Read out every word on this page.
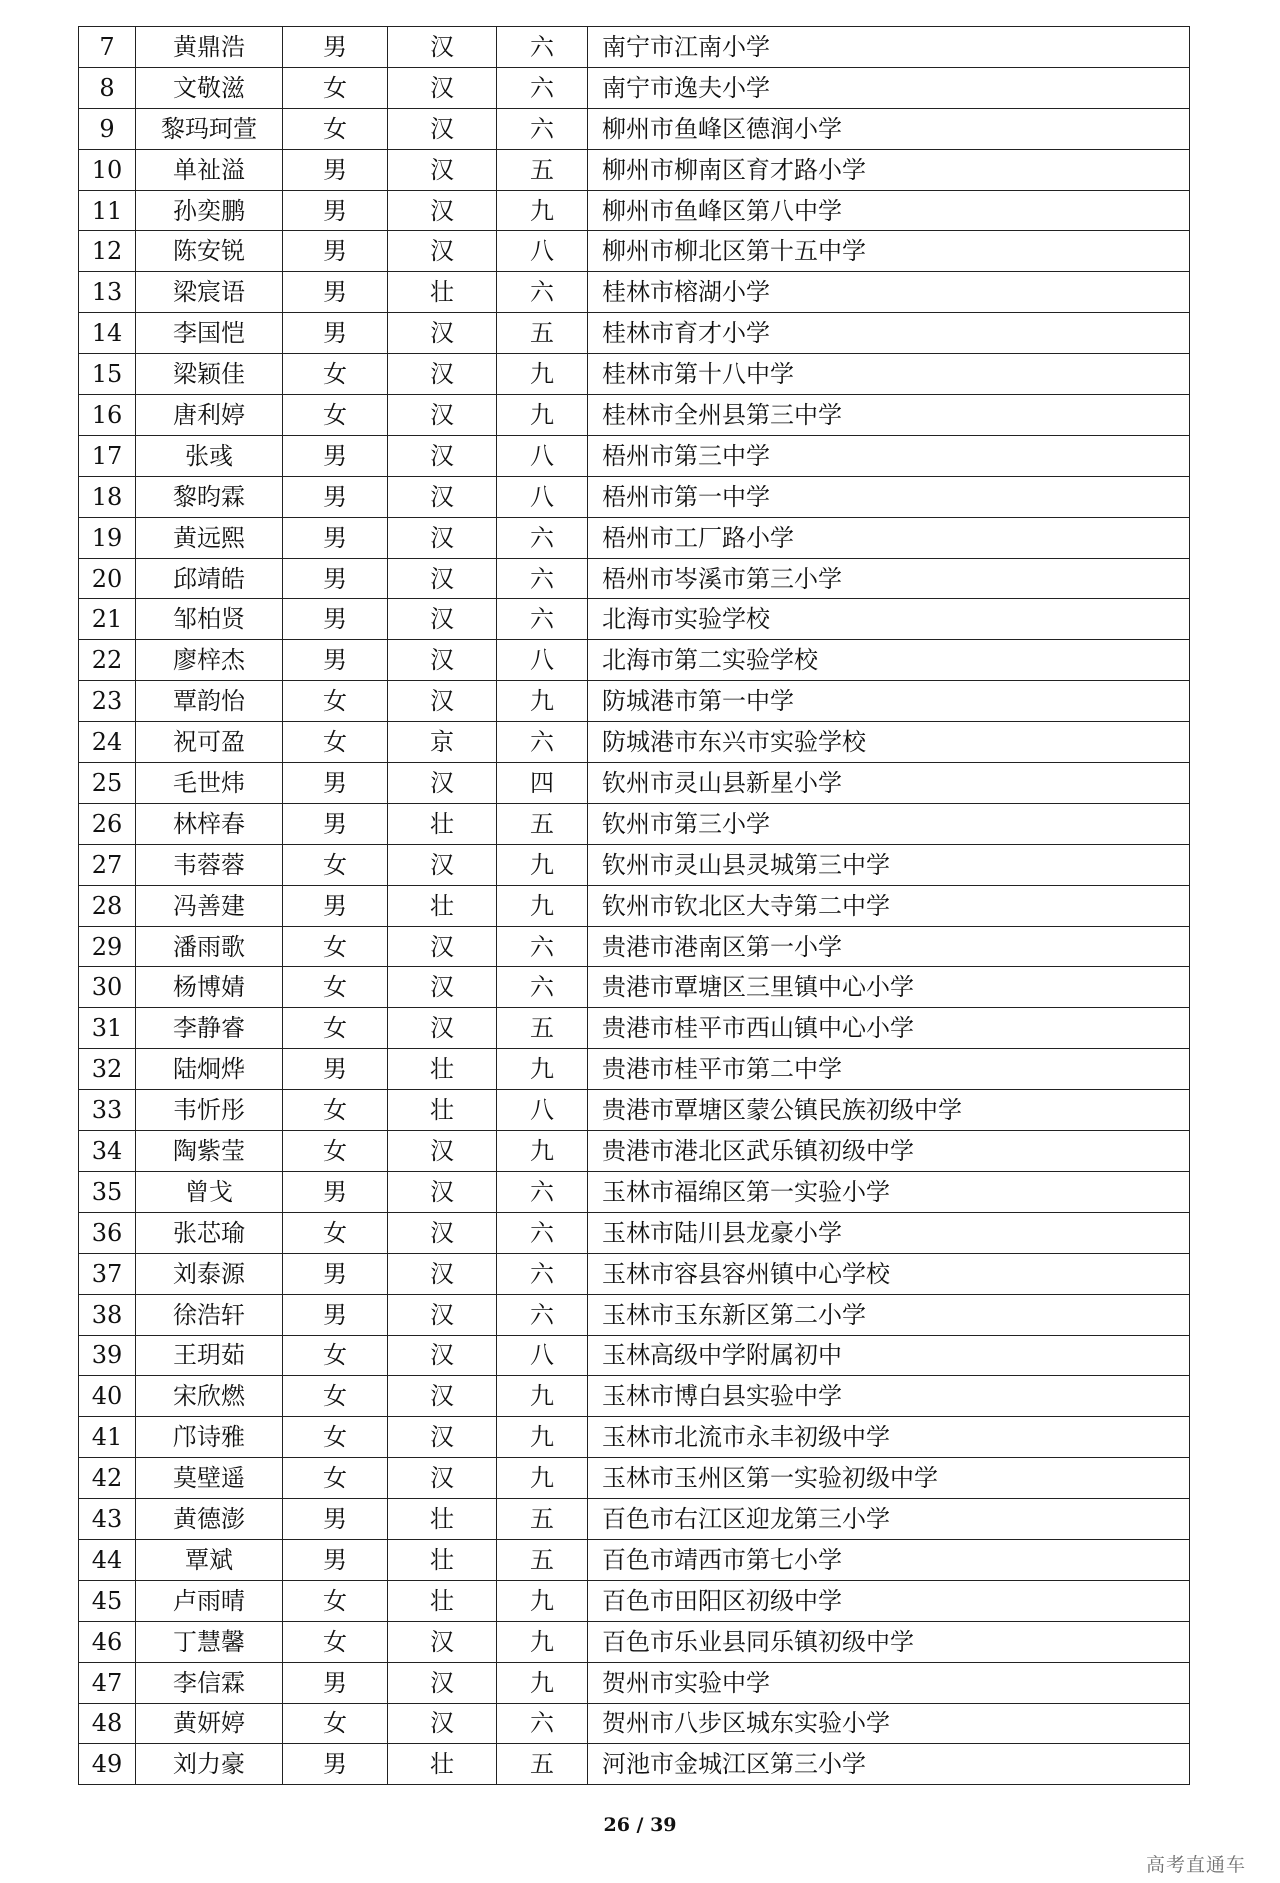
7	黄鼎浩	男	汉	六	南宁市江南小学
8	文敬滋	女	汉	六	南宁市逸夫小学
9	黎玛珂萱	女	汉	六	柳州市鱼峰区德润小学
10	单祉溢	男	汉	五	柳州市柳南区育才路小学
11	孙奕鹏	男	汉	九	柳州市鱼峰区第八中学
12	陈安锐	男	汉	八	柳州市柳北区第十五中学
13	梁宸语	男	壮	六	桂林市榕湖小学
14	李国恺	男	汉	五	桂林市育才小学
15	梁颖佳	女	汉	九	桂林市第十八中学
16	唐利婷	女	汉	九	桂林市全州县第三中学
17	张彧	男	汉	八	梧州市第三中学
18	黎昀霖	男	汉	八	梧州市第一中学
19	黄远熙	男	汉	六	梧州市工厂路小学
20	邱靖皓	男	汉	六	梧州市岑溪市第三小学
21	邹柏贤	男	汉	六	北海市实验学校
22	廖梓杰	男	汉	八	北海市第二实验学校
23	覃韵怡	女	汉	九	防城港市第一中学
24	祝可盈	女	京	六	防城港市东兴市实验学校
25	毛世炜	男	汉	四	钦州市灵山县新星小学
26	林梓春	男	壮	五	钦州市第三小学
27	韦蓉蓉	女	汉	九	钦州市灵山县灵城第三中学
28	冯善建	男	壮	九	钦州市钦北区大寺第二中学
29	潘雨歌	女	汉	六	贵港市港南区第一小学
30	杨博婧	女	汉	六	贵港市覃塘区三里镇中心小学
31	李静睿	女	汉	五	贵港市桂平市西山镇中心小学
32	陆炯烨	男	壮	九	贵港市桂平市第二中学
33	韦忻彤	女	壮	八	贵港市覃塘区蒙公镇民族初级中学
34	陶紫莹	女	汉	九	贵港市港北区武乐镇初级中学
35	曾戈	男	汉	六	玉林市福绵区第一实验小学
36	张芯瑜	女	汉	六	玉林市陆川县龙豪小学
37	刘泰源	男	汉	六	玉林市容县容州镇中心学校
38	徐浩轩	男	汉	六	玉林市玉东新区第二小学
39	王玥茹	女	汉	八	玉林高级中学附属初中
40	宋欣燃	女	汉	九	玉林市博白县实验中学
41	邝诗雅	女	汉	九	玉林市北流市永丰初级中学
42	莫壁遥	女	汉	九	玉林市玉州区第一实验初级中学
43	黄德澎	男	壮	五	百色市右江区迎龙第三小学
44	覃斌	男	壮	五	百色市靖西市第七小学
45	卢雨晴	女	壮	九	百色市田阳区初级中学
46	丁慧馨	女	汉	九	百色市乐业县同乐镇初级中学
47	李信霖	男	汉	九	贺州市实验中学
48	黄妍婷	女	汉	六	贺州市八步区城东实验小学
49	刘力豪	男	壮	五	河池市金城江区第三小学
26 / 39
高考直通车
